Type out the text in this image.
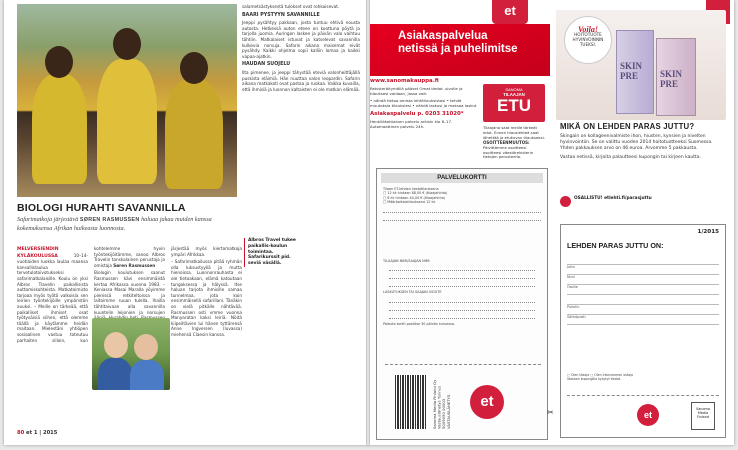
salametsästyksestä tulokset ovat rohkaisevat.

BAARI PYSTYYN SAVANNILLE

Jeeppi pysähtyy pakkaan, josta tuntuu ehtivä nousta autosta. Hetkessä auton eteen on koottuna pöytä ja tarjolla juomia. Auringon laskee ja päivän valo vaihtuu tähtiin. Matkalaiset istuvat ja katselevat savannilla kulkevia norsuja. Safarin aikana maisemat eivät pysähdy. Kaikki ohjelma sopii kalliin lomaa ja kaikki vapaa-ajatkin.

HAUDAN SUOJELU

Ilta pimenee, ja jeeppi tähystää eteviä valonheittäjällä puskista eläimiä. Hän nuuttaa valon leopardin. Safarin aikana matkakoti ovat pastaa ja ruokaa. Vaikka kuvailla, että ihmisiä ja luonnon kaltaisten ei ole matkan elämää.

Albros Travel tukee paikallis-koulun toimintaa. Safarikurssit pid. seviä väsällä.
BIOLOGI HURAHTI SAVANNILLA
Safarimatkoja järjestävä SØREN RASMUSSEN haluaa jakaa muiden kanssa kokemuksensa Afrikan huikeasta luonnosta.

MELVERSIENDIN KYLÄKOULUSSA	10–14-vuotiaiden luokka laulaa maansa kansallislaulua tervetulotoivotukseksi safarimatkalaisille. Koulu on yksi Albros Travelin paikallisista auttamiskohteista. Matkatoimisto tarjoaa myös työtä valkoisia sen leirien työntekijöille ympäristön avuksi. – Meille on tärkeää, että paikalliset ihmiset osat työtyväisiä siihen, että olemme täällä ja käytämme heidän maitaan. Mielestäni yhtiöpen sosiaalinen vastuu toteutuu parhaiten silloin, kun kohtelemme hyvin työntekijöitämme, sanoo Albros Travelin tanskalainen perustaja ja omistaja Søren Rasmussen

Biologin koulutuksen saanut Rasmussen kävi ensimmäistä kertaa Afrikassa vuonna 1983. – Keniassa Masai Maralla yöyimme pienissä retkiteltoissa ja laitoimme ruuan tulella. Ihailla tähtitaivaan alla savannilla kuuntelin leijonien ja norsujen järjestää myös kiertomatkoja ympäri Afrikkaa.

– Safarimatkailussa pitää ryhmän olla luksustyyliä ja mutta hienoissa. Luonnonrauhasta ei ole tietoakaan, elämä katoutaan tungoksessa ja hälyssä. Itse haluan tarjota ihmisille samaa tunnelmaa, jota koin ensimmäisellä safarillani. Tänäkin on vielä pitkälle nähtävää. Rasmussen osti vmme vuonna Manyaratan kaksi leiriä. Nöitä kiipeiltävien lui hänen tyttärensä Anne Ingversen (luvassa) miehensä Claesin kanssa.

80 et 1 | 2015
et
Asiakaspalvelua
netissä ja puhelimitse
www.sanomakauppa.fi
Rekisteröitymällä pääset Omat tiedot -sivulle ja tilauksesi voidaan, jossa voit:
• nähdä tietoa omista lehtitilauksistasi • tehdä muutoksia tilauksiesi • nähdä laskusi ja maksaa laskut
Asiakaspalvelu p. 0203 31020*
Henkilökohtainen palvelu arkisin klo 8–17. Automaattinen palvelu 24h.
SANOMA
TILAAJAN
ETU
Tilaajana saat meille tärkeät edut. Ennen tilauslehteä saat lähettää ja etukuvan tilaukseesi.
OSOITTEENMUUTOS:
Päivittämme osoitteesi osoitteesi väestörekisterin tietojen perusteella.
PALVELUKORTTI
Tilaan ET-lehden kestotilauksena
□ 12 kk hintaan 88,00 € (tilaajahinta)
□ 6 kk hintaan 44,00 € (tilaajahinta)
□ Määräaikaistilauksena 12 kk
TILAAJAN NIMI/SAAJAN NIMI
LASKUTUKSEN TAI SAAJAN OSOITE
Palauta kortti postitse 30 päivän kuluessa.
Sanoma Media Finland Oy Vastauslähetys Tunnus 5009050 00003 VASTAUSLÄHETYS	et
✂
Voila!
HOITOTUOTE HYVINVOINNIN TUEKSI.
SKIN PRE	SKIN PRE
MIKÄ ON LEHDEN PARAS JUTTU?
Skingain on kollageenivalmiste ihon, hiusten, kynsien ja nivelten hyvinvointiin. Se on valittu vuoden 2014 hoitotuotteeksi Suomessa. Yhden pakkauksen arvo on 46 euroa. Arvomme 5 pakkausta.
Vastaa netissä, kirjoita palautteesi kupongin tai kirjeen kautta.
OSALLISTU! etlehti.fi/parasjuttu
1/2015
LEHDEN PARAS JUTTU ON:
Juttu
Nimi
Osoite
Puhelin
Sähköposti
□ Olen tilaaja □ Olen irtonumeron ostaja
Vastaan kupongilla kysytyt tiedot.
et
Sanoma Media Finland
